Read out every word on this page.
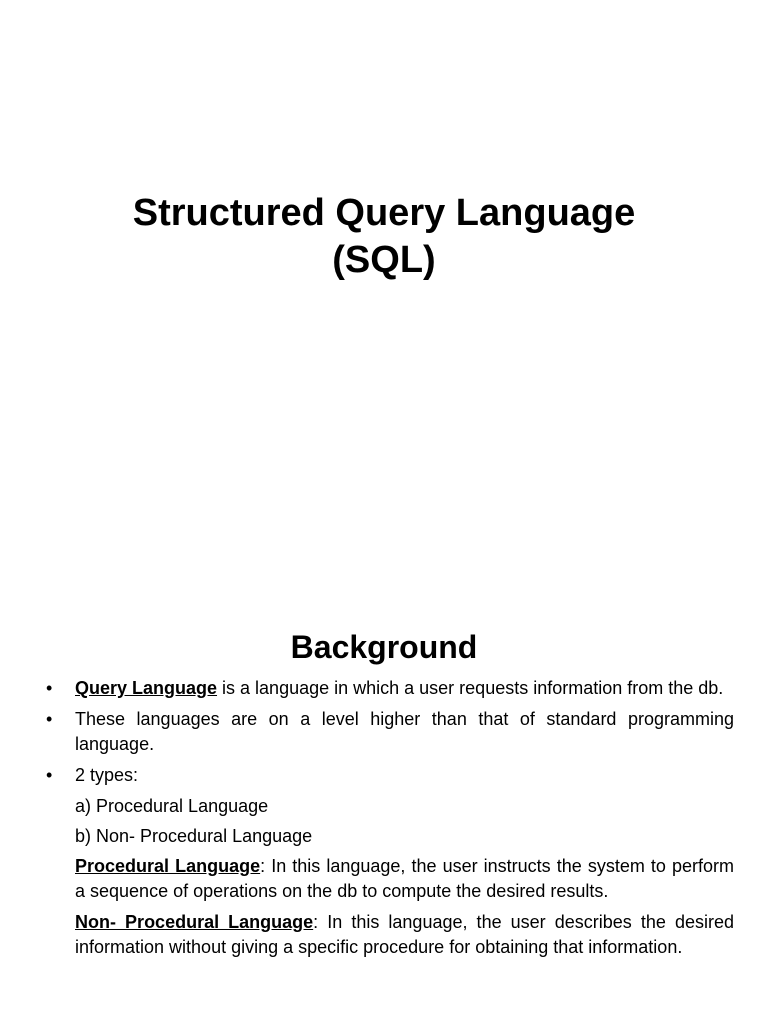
Structured Query Language
(SQL)
Background
• Query Language is a language in which a user requests information from the db.
• These languages are on a level higher than that of standard programming language.
• 2 types:
a) Procedural Language
b) Non- Procedural Language
Procedural Language: In this language, the user instructs the system to perform a sequence of operations on the db to compute the desired results.
Non- Procedural Language: In this language, the user describes the desired information without giving a specific procedure for obtaining that information.
